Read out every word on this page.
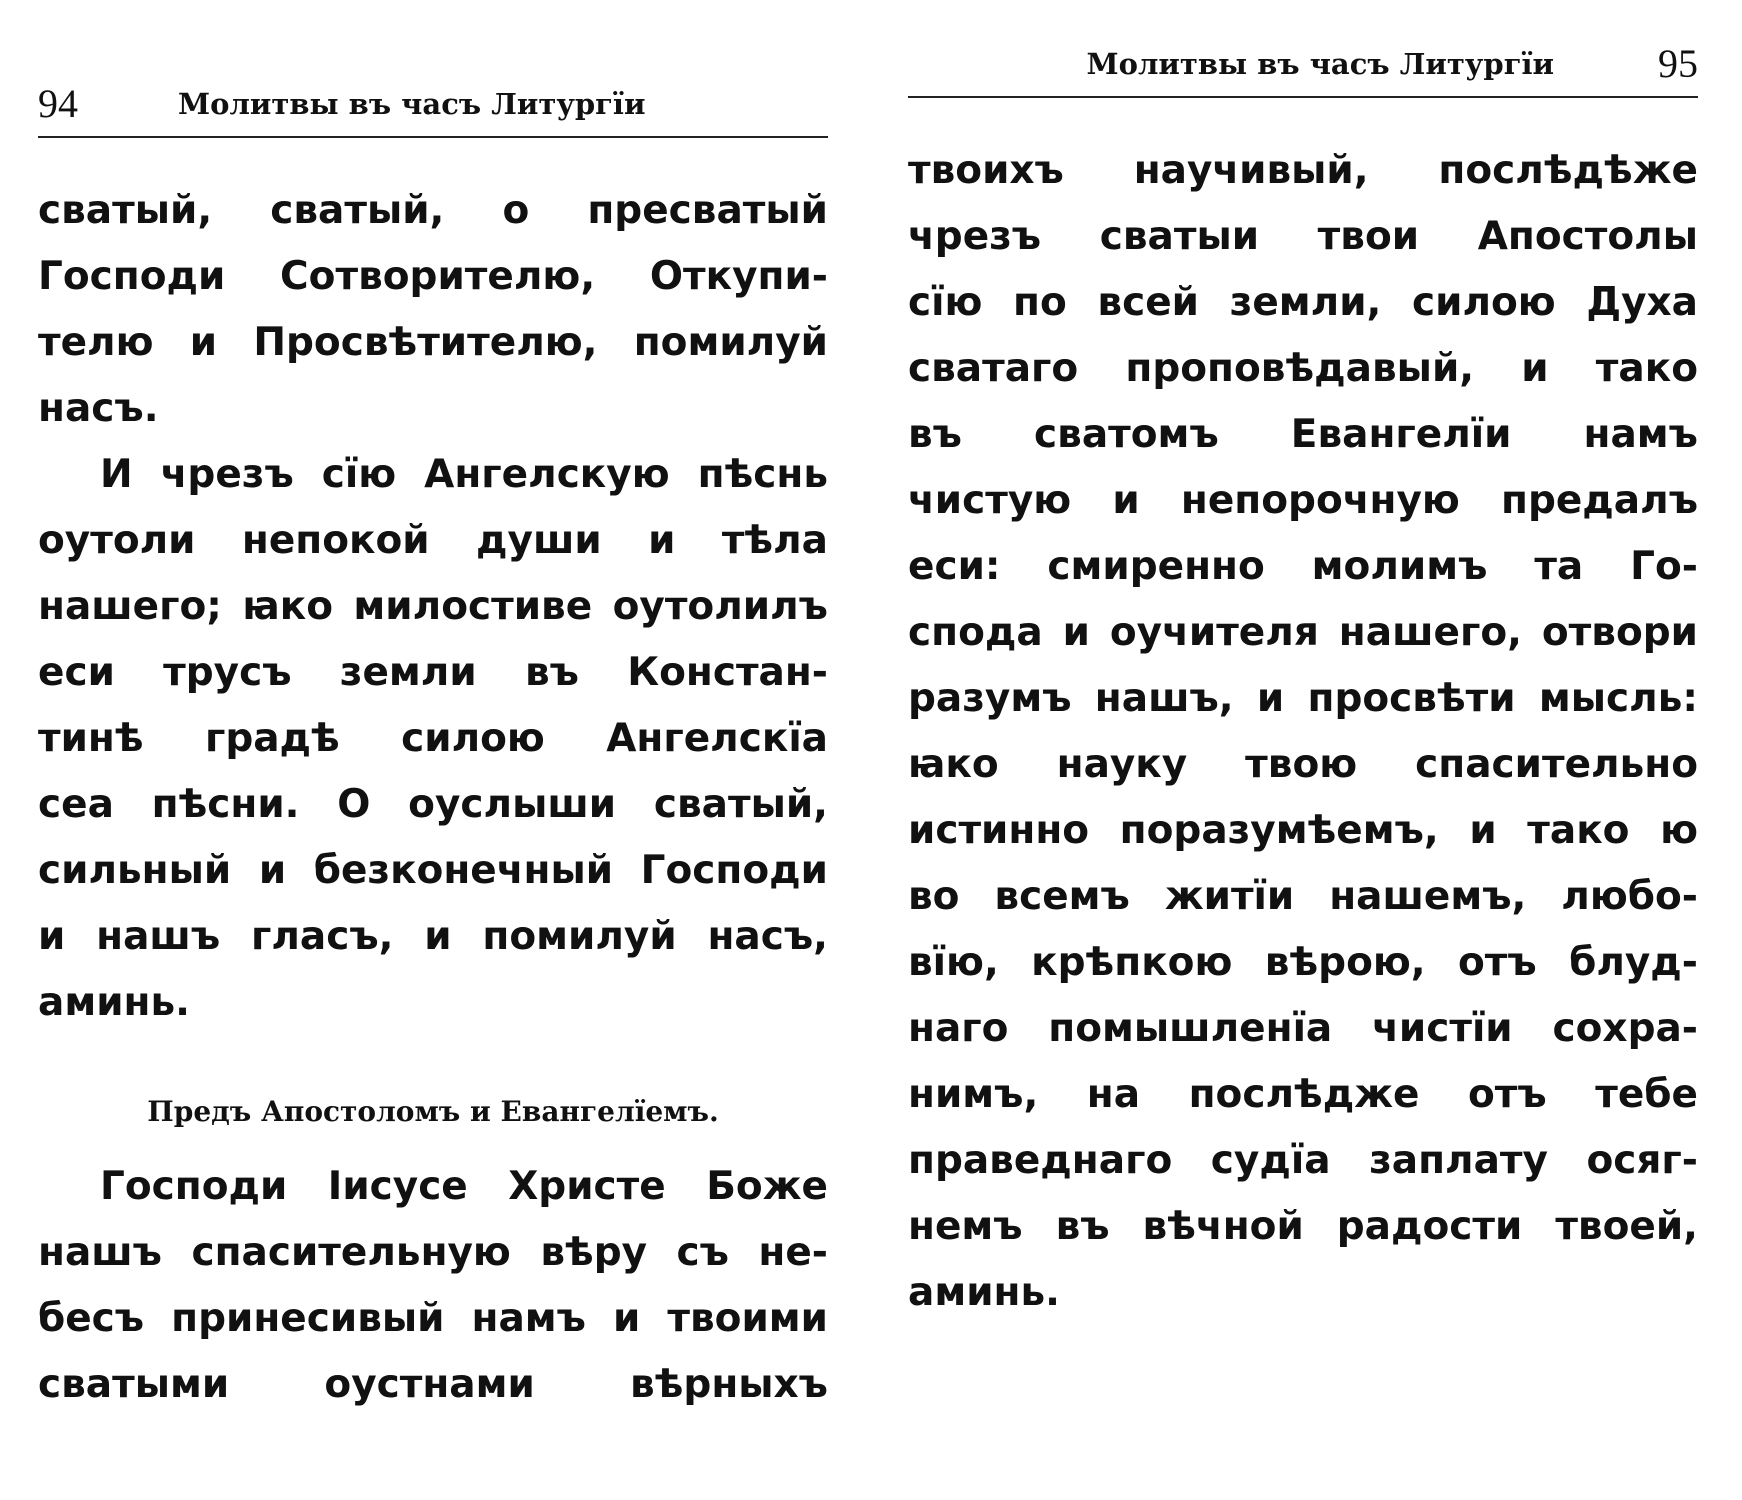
94	Молитвы въ часъ Литургїи
сватый, сватый, о пресватый
Господи Сотворителю, Откупи-
телю и Просвѣтителю, помилуй
насъ.
И чрезъ сїю Ангелскую пѣснь
оутоли непокой души и тѣла
нашего; ꙗко милостиве оутолилъ
еси трусъ земли въ Констан-
тинѣ градѣ силою Ангелскїа
сеа пѣсни. О оуслыши сватый,
сильный и безконечный Господи
и нашъ гласъ, и помилуй насъ,
аминь.
Предъ Апостоломъ и Евангелїемъ.
Господи Іисусе Христе Боже
нашъ спасительную вѣру съ не-
бесъ принесивый намъ и твоими
сватыми оустнами вѣрныхъ
Молитвы въ часъ Литургїи	95
твоихъ научивый, послѣдѣже
чрезъ сватыи твои Апостолы
сїю по всей земли, силою Духа
сватаго проповѣдавый, и тако
въ сватомъ Евангелїи намъ
чистую и непорочную предалъ
еси: смиренно молимъ та Го-
спода и оучителя нашего, отвори
разумъ нашъ, и просвѣти мысль:
ꙗко науку твою спасительно
истинно поразумѣемъ, и тако ю
во всемъ житїи нашемъ, любо-
вїю, крѣпкою вѣрою, отъ блуд-
наго помышленїа чистїи сохра-
нимъ, на послѣдже отъ тебе
праведнаго судїа заплату осяг-
немъ въ вѣчной радости твоей,
аминь.
